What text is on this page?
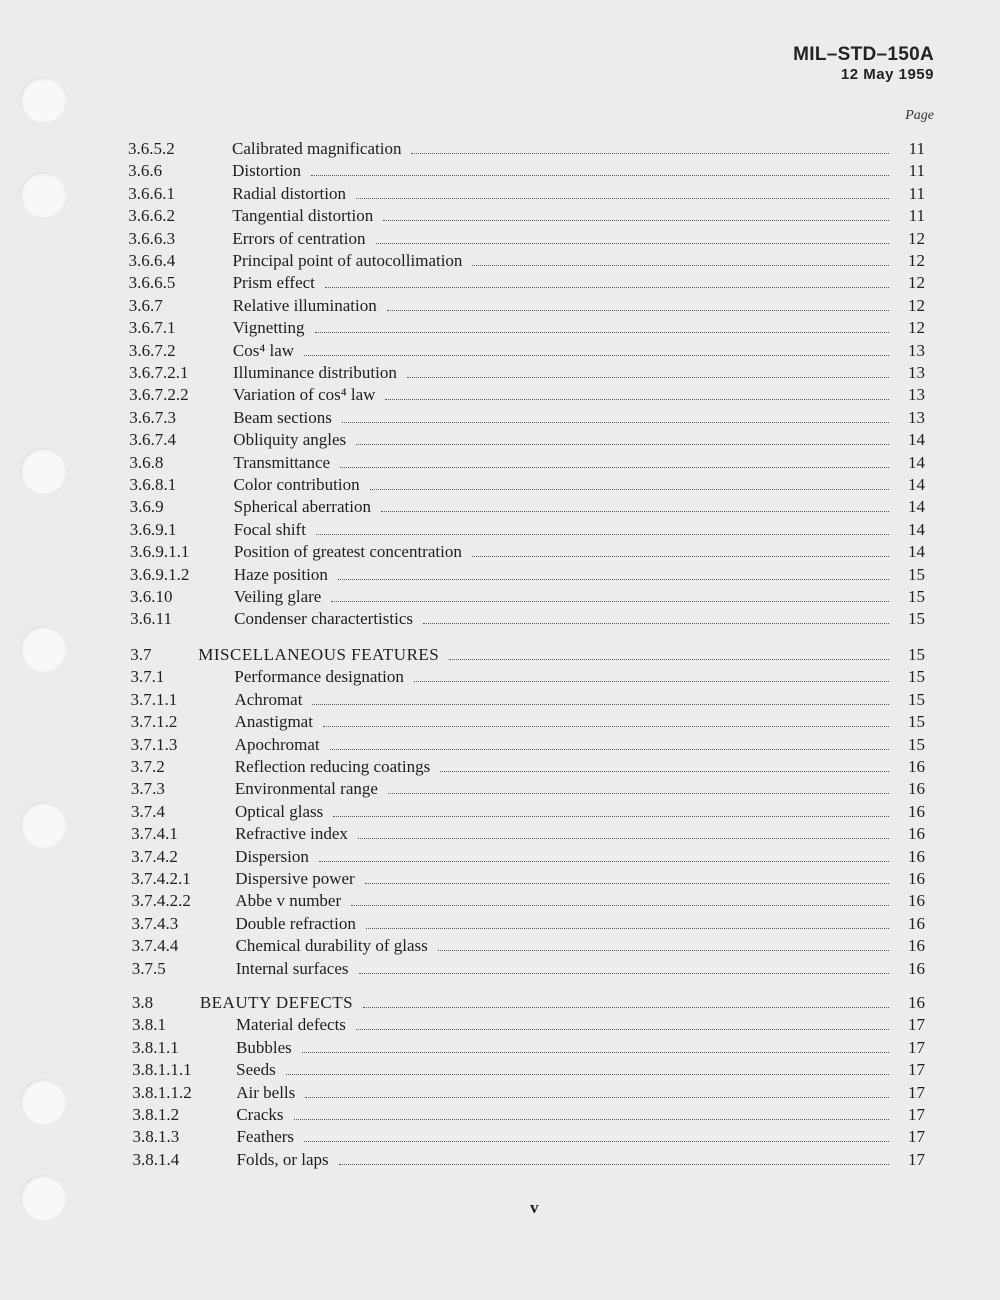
MIL–STD–150A
12 May 1959
Page
3.6.5.2	Calibrated magnification	11
3.6.6	Distortion	11
3.6.6.1	Radial distortion	11
3.6.6.2	Tangential distortion	11
3.6.6.3	Errors of centration	12
3.6.6.4	Principal point of autocollimation	12
3.6.6.5	Prism effect	12
3.6.7	Relative illumination	12
3.6.7.1	Vignetting	12
3.6.7.2	Cos⁴ law	13
3.6.7.2.1	Illuminance distribution	13
3.6.7.2.2	Variation of cos⁴ law	13
3.6.7.3	Beam sections	13
3.6.7.4	Obliquity angles	14
3.6.8	Transmittance	14
3.6.8.1	Color contribution	14
3.6.9	Spherical aberration	14
3.6.9.1	Focal shift	14
3.6.9.1.1	Position of greatest concentration	14
3.6.9.1.2	Haze position	15
3.6.10	Veiling glare	15
3.6.11	Condenser charactertistics	15
3.7	MISCELLANEOUS FEATURES	15
3.7.1	Performance designation	15
3.7.1.1	Achromat	15
3.7.1.2	Anastigmat	15
3.7.1.3	Apochromat	15
3.7.2	Reflection reducing coatings	16
3.7.3	Environmental range	16
3.7.4	Optical glass	16
3.7.4.1	Refractive index	16
3.7.4.2	Dispersion	16
3.7.4.2.1	Dispersive power	16
3.7.4.2.2	Abbe v number	16
3.7.4.3	Double refraction	16
3.7.4.4	Chemical durability of glass	16
3.7.5	Internal surfaces	16
3.8	BEAUTY DEFECTS	16
3.8.1	Material defects	17
3.8.1.1	Bubbles	17
3.8.1.1.1	Seeds	17
3.8.1.1.2	Air bells	17
3.8.1.2	Cracks	17
3.8.1.3	Feathers	17
3.8.1.4	Folds, or laps	17
v
